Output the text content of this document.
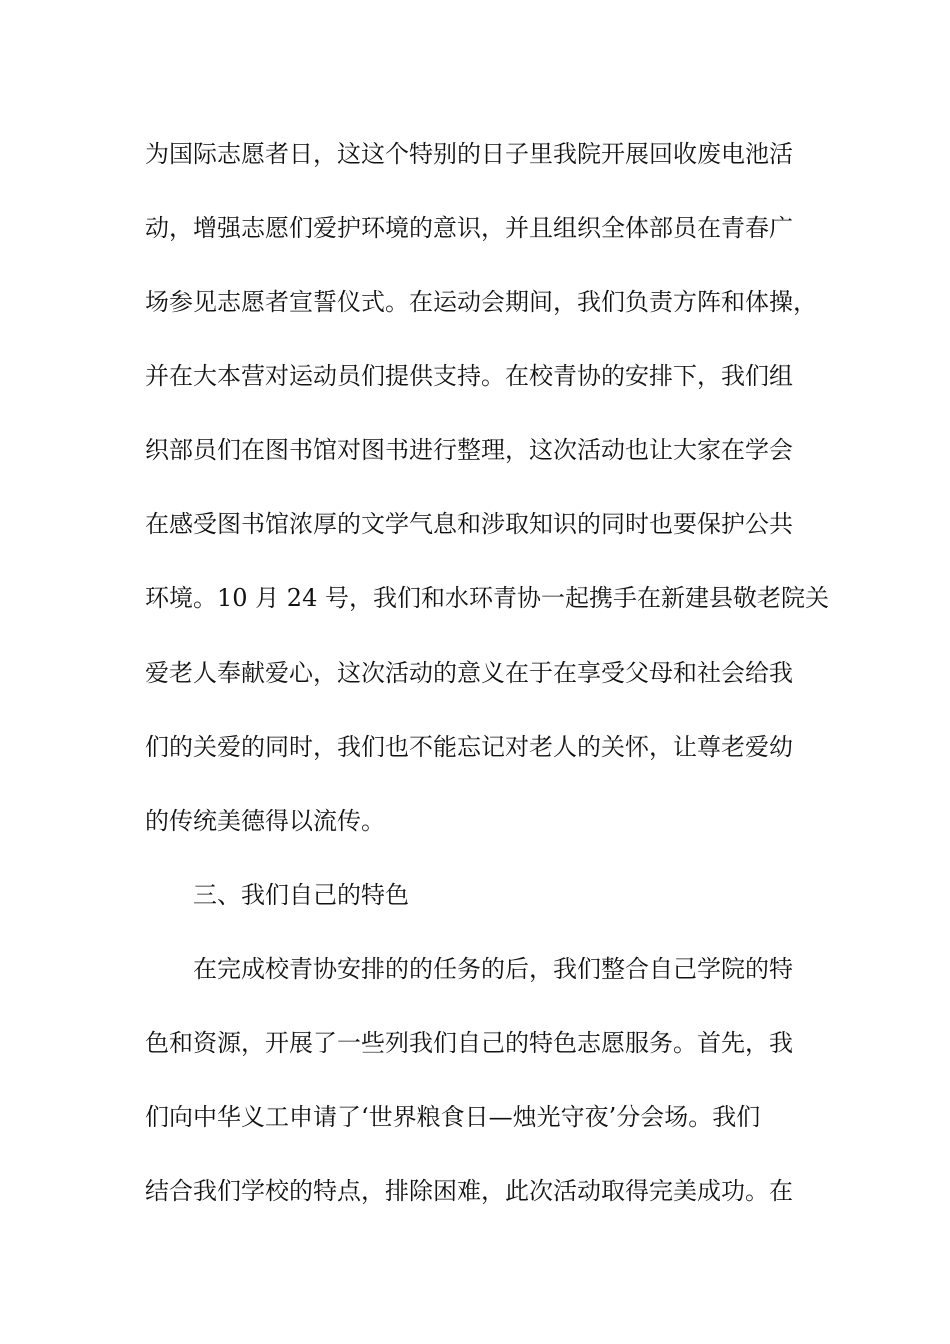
为国际志愿者日，这这个特别的日子里我院开展回收废电池活

动，增强志愿们爱护环境的意识，并且组织全体部员在青春广

场参见志愿者宣誓仪式。在运动会期间，我们负责方阵和体操，

并在大本营对运动员们提供支持。在校青协的安排下，我们组

织部员们在图书馆对图书进行整理，这次活动也让大家在学会

在感受图书馆浓厚的文学气息和涉取知识的同时也要保护公共

环境。10 月 24 号，我们和水环青协一起携手在新建县敬老院关

爱老人奉献爱心，这次活动的意义在于在享受父母和社会给我

们的关爱的同时，我们也不能忘记对老人的关怀，让尊老爱幼

的传统美德得以流传。

三、我们自己的特色

在完成校青协安排的的任务的后，我们整合自己学院的特

色和资源，开展了一些列我们自己的特色志愿服务。首先，我

们向中华义工申请了‘世界粮食日—烛光守夜’分会场。我们

结合我们学校的特点，排除困难，此次活动取得完美成功。在
